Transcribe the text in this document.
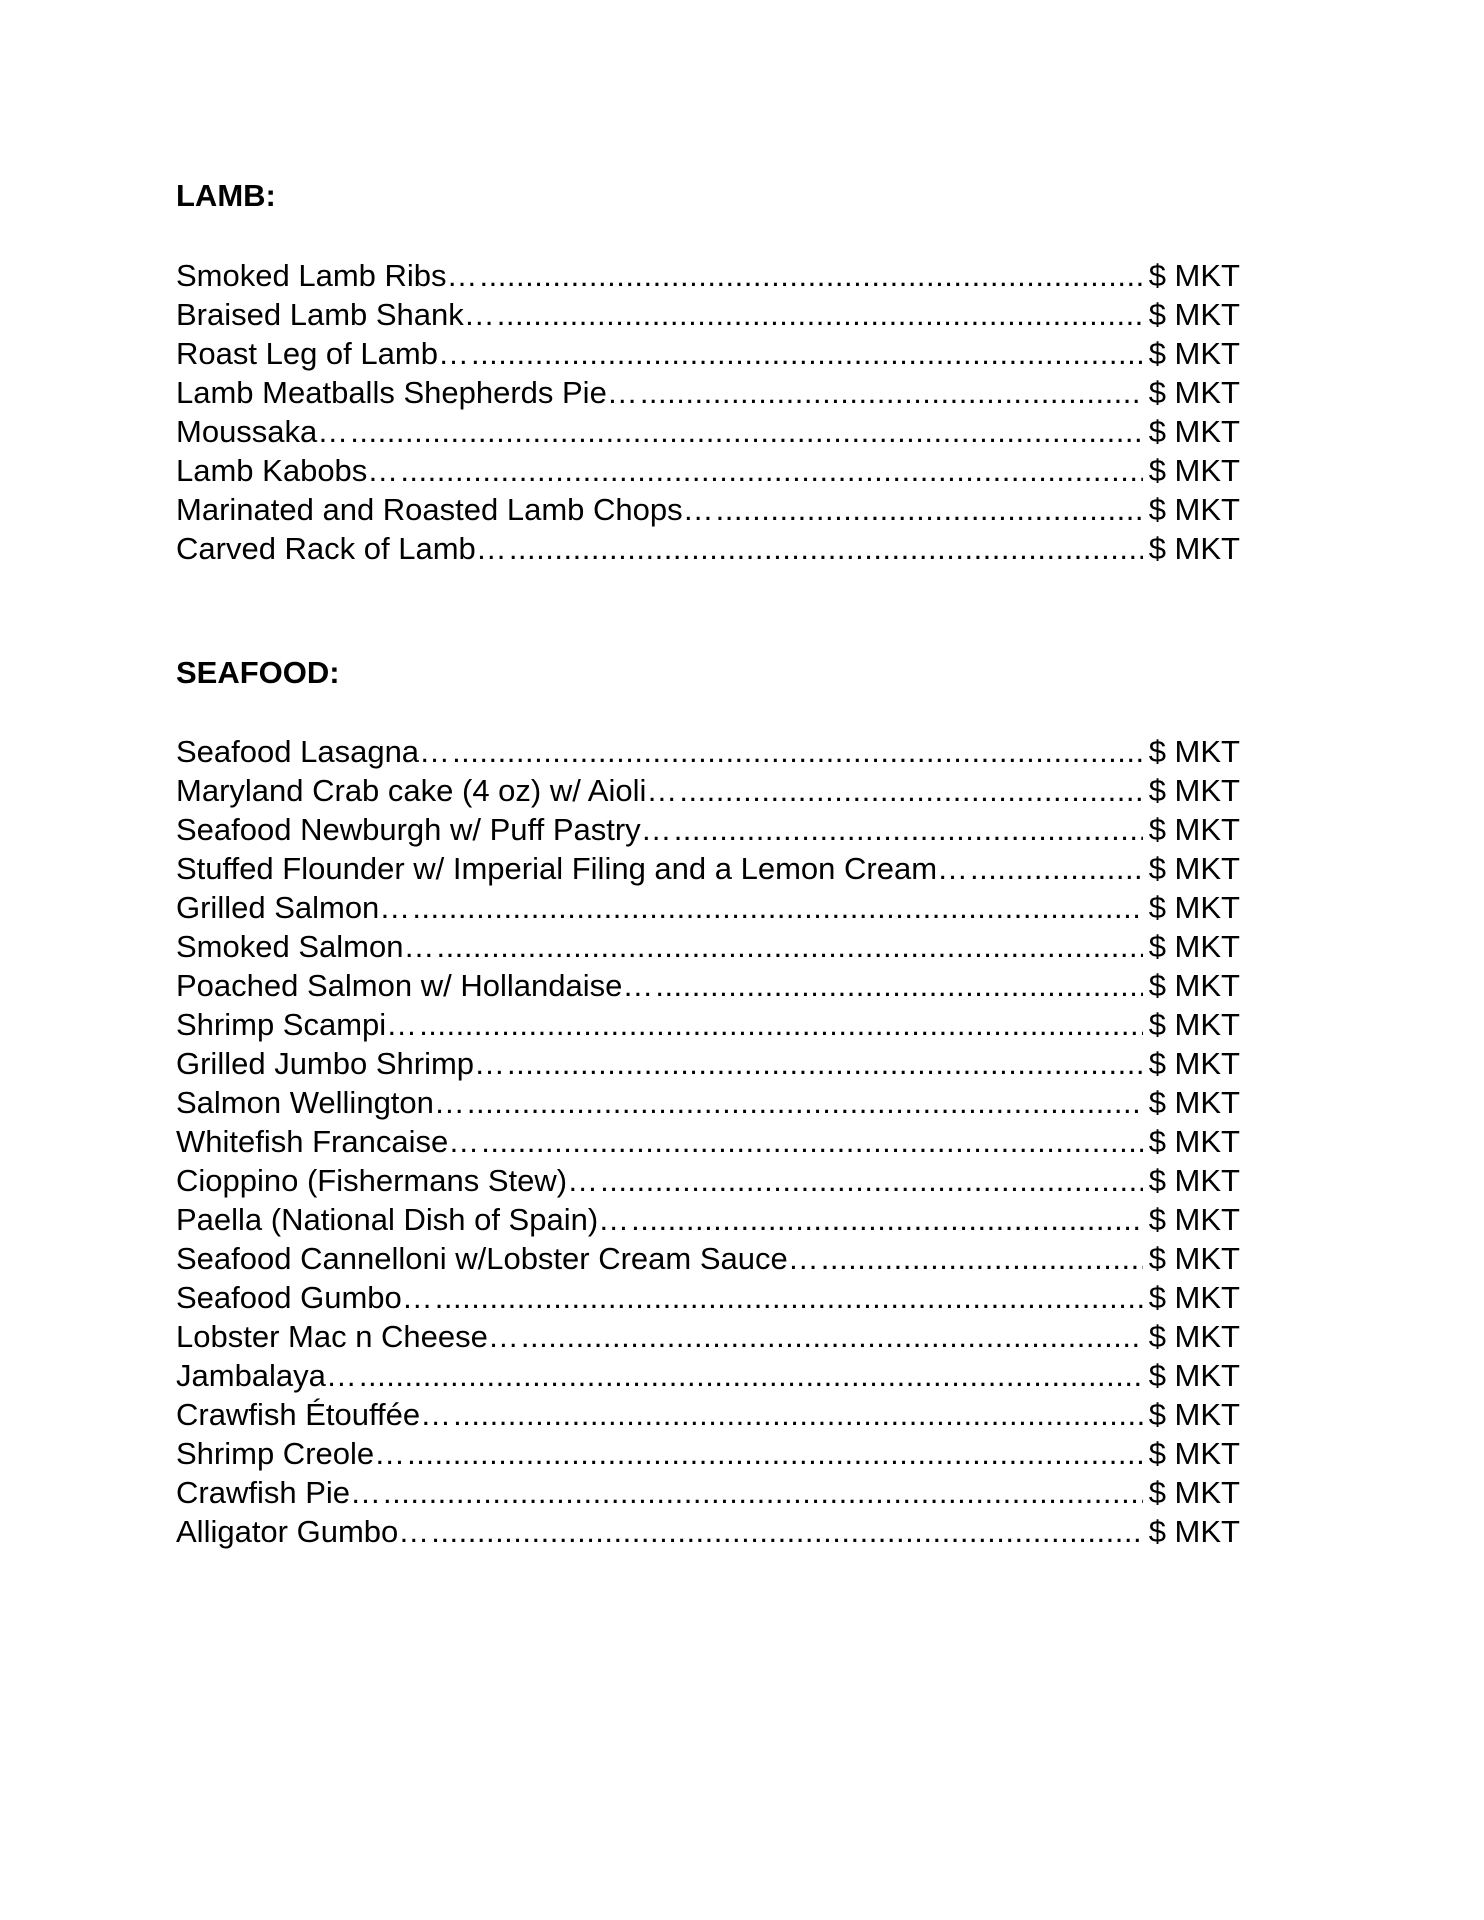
LAMB:
Smoked Lamb Ribs… .....	$ MKT
Braised Lamb Shank… .....	$ MKT
Roast Leg of Lamb… .....	$ MKT
Lamb Meatballs Shepherds Pie… .....	$ MKT
Moussaka… .....	$ MKT
Lamb Kabobs… .....	$ MKT
Marinated and Roasted Lamb Chops… .....	$ MKT
Carved Rack of Lamb… .....	$ MKT
SEAFOOD:
Seafood Lasagna… .....	$ MKT
Maryland Crab cake (4 oz) w/ Aioli… .....	$ MKT
Seafood Newburgh w/ Puff Pastry… .....	$ MKT
Stuffed Flounder w/ Imperial Filing and a Lemon Cream… .....	$ MKT
Grilled Salmon… .....	$ MKT
Smoked Salmon… .....	$ MKT
Poached Salmon w/ Hollandaise… .....	$ MKT
Shrimp Scampi… .....	$ MKT
Grilled Jumbo Shrimp… .....	$ MKT
Salmon Wellington… .....	$ MKT
Whitefish Francaise… .....	$ MKT
Cioppino (Fishermans Stew)… .....	$ MKT
Paella (National Dish of Spain)… .....	$ MKT
Seafood Cannelloni w/Lobster Cream Sauce… .....	$ MKT
Seafood Gumbo… .....	$ MKT
Lobster Mac n Cheese… .....	$ MKT
Jambalaya… .....	$ MKT
Crawfish Étouffée… .....	$ MKT
Shrimp Creole… .....	$ MKT
Crawfish Pie… .....	$ MKT
Alligator Gumbo… .....	$ MKT
